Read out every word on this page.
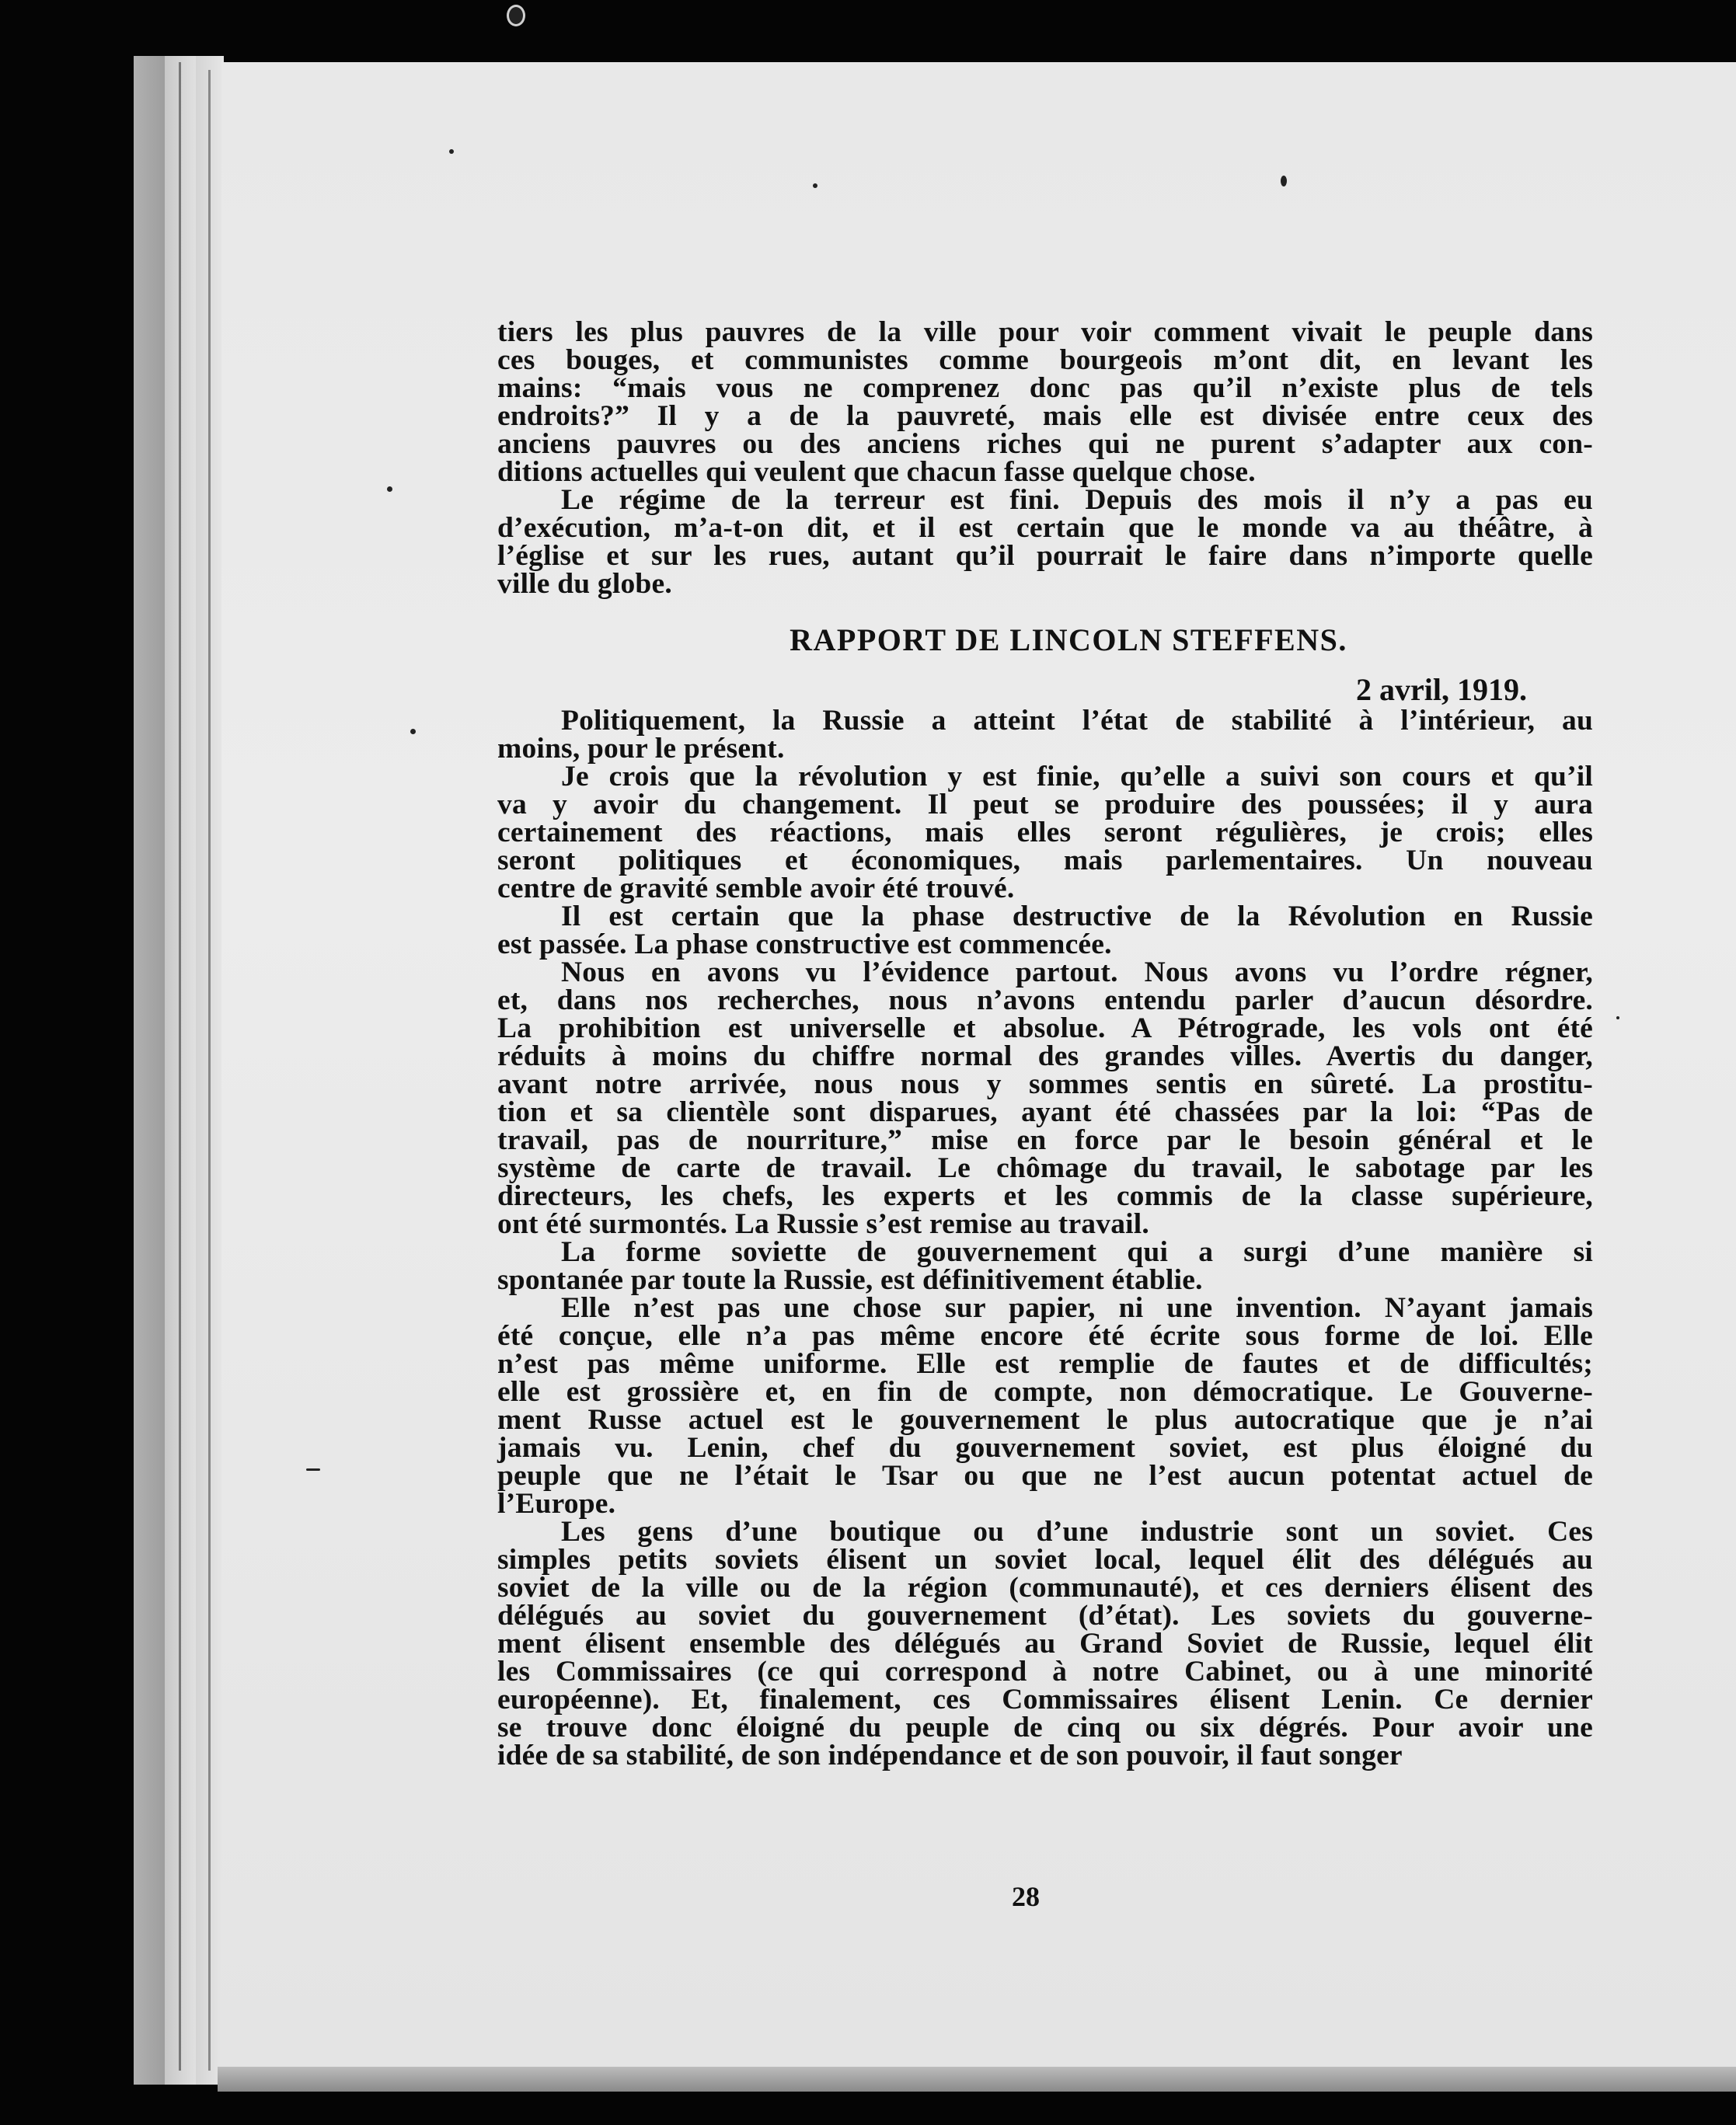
tiers les plus pauvres de la ville pour voir comment vivait le peuple dans
ces bouges, et communistes comme bourgeois m’ont dit, en levant les
mains: “mais vous ne comprenez donc pas qu’il n’existe plus de tels
endroits?” Il y a de la pauvreté, mais elle est divisée entre ceux des
anciens pauvres ou des anciens riches qui ne purent s’adapter aux con-
ditions actuelles qui veulent que chacun fasse quelque chose.
Le régime de la terreur est fini. Depuis des mois il n’y a pas eu
d’exécution, m’a-t-on dit, et il est certain que le monde va au théâtre, à
l’église et sur les rues, autant qu’il pourrait le faire dans n’importe quelle
ville du globe.
RAPPORT DE LINCOLN STEFFENS.
2 avril, 1919.
Politiquement, la Russie a atteint l’état de stabilité à l’intérieur, au
moins, pour le présent.
Je crois que la révolution y est finie, qu’elle a suivi son cours et qu’il
va y avoir du changement. Il peut se produire des poussées; il y aura
certainement des réactions, mais elles seront régulières, je crois; elles
seront politiques et économiques, mais parlementaires. Un nouveau
centre de gravité semble avoir été trouvé.
Il est certain que la phase destructive de la Révolution en Russie
est passée. La phase constructive est commencée.
Nous en avons vu l’évidence partout. Nous avons vu l’ordre régner,
et, dans nos recherches, nous n’avons entendu parler d’aucun désordre.
La prohibition est universelle et absolue. A Pétrograde, les vols ont été
réduits à moins du chiffre normal des grandes villes. Avertis du danger,
avant notre arrivée, nous nous y sommes sentis en sûreté. La prostitu-
tion et sa clientèle sont disparues, ayant été chassées par la loi: “Pas de
travail, pas de nourriture,” mise en force par le besoin général et le
système de carte de travail. Le chômage du travail, le sabotage par les
directeurs, les chefs, les experts et les commis de la classe supérieure,
ont été surmontés. La Russie s’est remise au travail.
La forme soviette de gouvernement qui a surgi d’une manière si
spontanée par toute la Russie, est définitivement établie.
Elle n’est pas une chose sur papier, ni une invention. N’ayant jamais
été conçue, elle n’a pas même encore été écrite sous forme de loi. Elle
n’est pas même uniforme. Elle est remplie de fautes et de difficultés;
elle est grossière et, en fin de compte, non démocratique. Le Gouverne-
ment Russe actuel est le gouvernement le plus autocratique que je n’ai
jamais vu. Lenin, chef du gouvernement soviet, est plus éloigné du
peuple que ne l’était le Tsar ou que ne l’est aucun potentat actuel de
l’Europe.
Les gens d’une boutique ou d’une industrie sont un soviet. Ces
simples petits soviets élisent un soviet local, lequel élit des délégués au
soviet de la ville ou de la région (communauté), et ces derniers élisent des
délégués au soviet du gouvernement (d’état). Les soviets du gouverne-
ment élisent ensemble des délégués au Grand Soviet de Russie, lequel élit
les Commissaires (ce qui correspond à notre Cabinet, ou à une minorité
européenne). Et, finalement, ces Commissaires élisent Lenin. Ce dernier
se trouve donc éloigné du peuple de cinq ou six dégrés. Pour avoir une
idée de sa stabilité, de son indépendance et de son pouvoir, il faut songer
28
